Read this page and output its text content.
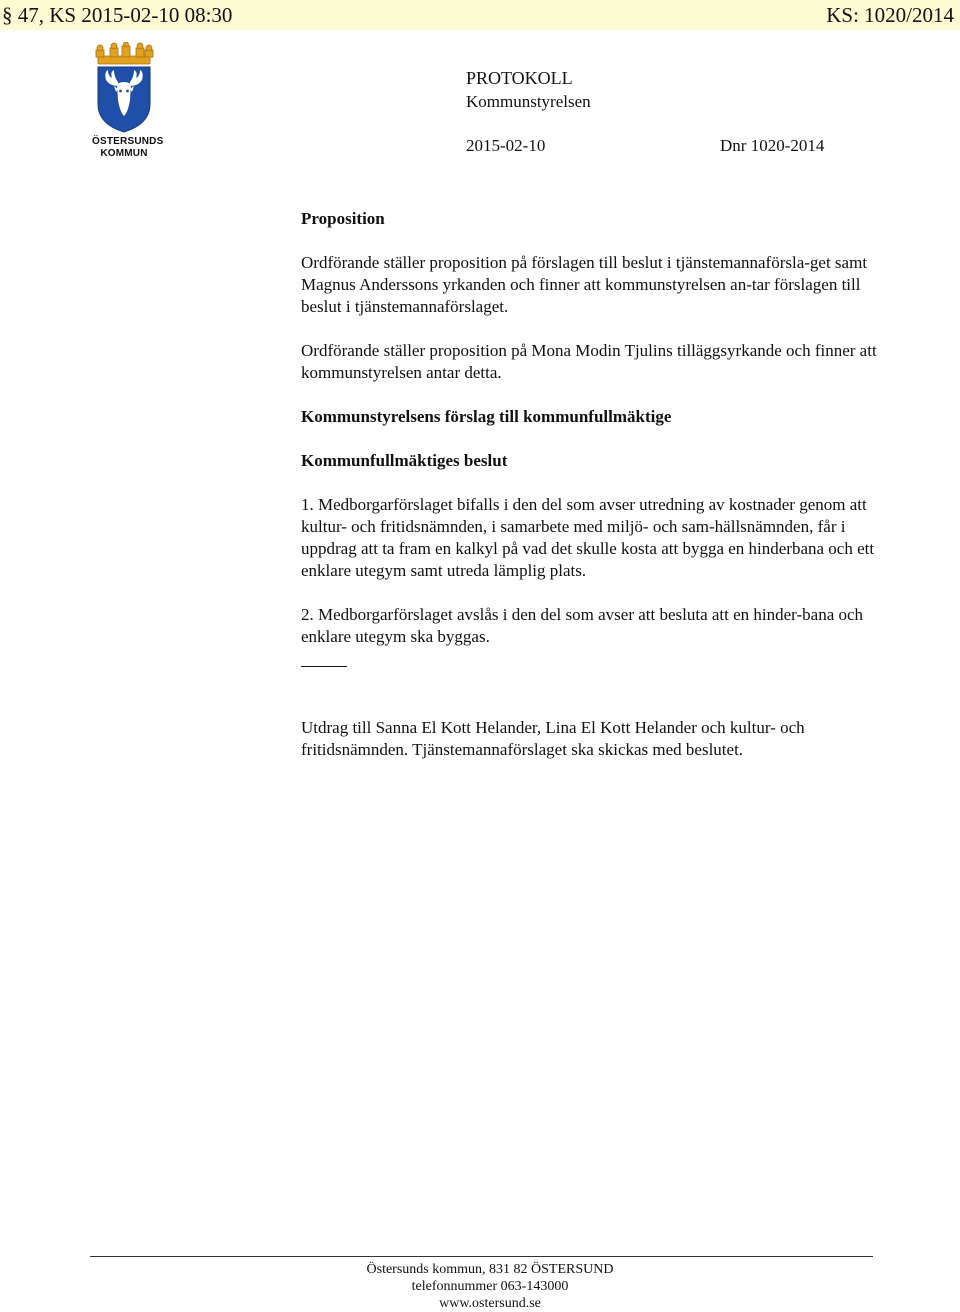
§ 47, KS 2015-02-10 08:30	KS: 1020/2014
ÖSTERSUNDS
KOMMUN
PROTOKOLL
Kommunstyrelsen
2015-02-10	Dnr 1020-2014

Proposition

Ordförande ställer proposition på förslagen till beslut i tjänstemannaförsla-get samt Magnus Anderssons yrkanden och finner att kommunstyrelsen an-tar förslagen till beslut i tjänstemannaförslaget.

Ordförande ställer proposition på Mona Modin Tjulins tilläggsyrkande och finner att kommunstyrelsen antar detta.

Kommunstyrelsens förslag till kommunfullmäktige

Kommunfullmäktiges beslut

1. Medborgarförslaget bifalls i den del som avser utredning av kostnader genom att kultur- och fritidsnämnden, i samarbete med miljö- och sam-hällsnämnden, får i uppdrag att ta fram en kalkyl på vad det skulle kosta att bygga en hinderbana och ett enklare utegym samt utreda lämplig plats.

2. Medborgarförslaget avslås i den del som avser att besluta att en hinder-bana och enklare utegym ska byggas.

Utdrag till Sanna El Kott Helander, Lina El Kott Helander och kultur- och fritidsnämnden. Tjänstemannaförslaget ska skickas med beslutet.

Östersunds kommun, 831 82 ÖSTERSUND
telefonnummer 063-143000
www.ostersund.se
